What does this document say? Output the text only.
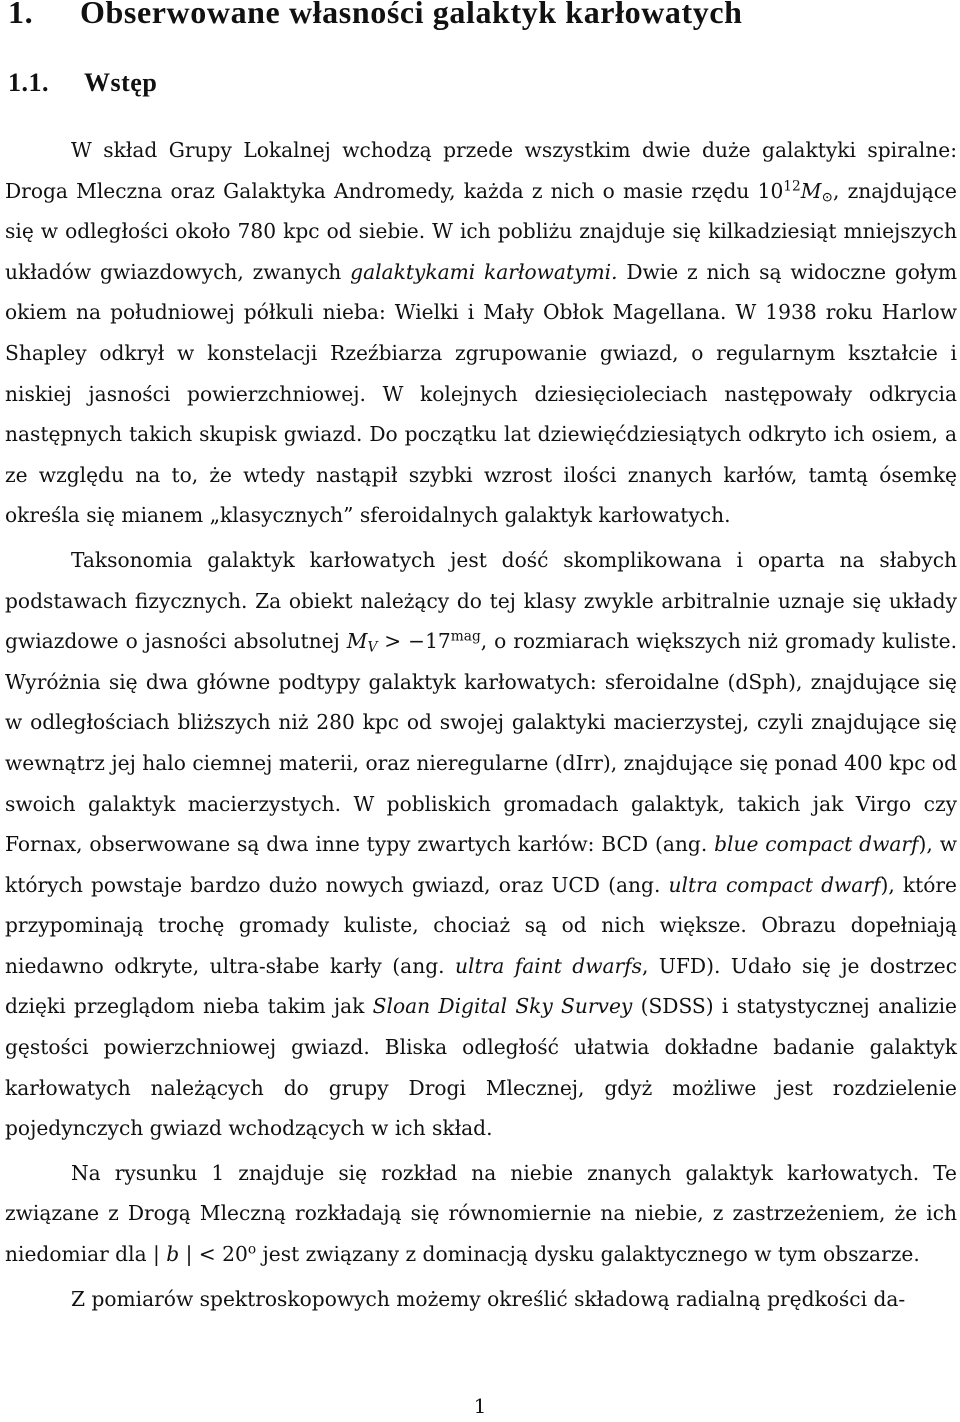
1. Obserwowane własności galaktyk karłowatych
1.1. Wstęp

W skład Grupy Lokalnej wchodzą przede wszystkim dwie duże galaktyki spiralne: Droga Mleczna oraz Galaktyka Andromedy, każda z nich o masie rzędu $10^{12}M_⊙$, znajdujące się w odległości około 780 kpc od siebie. W ich pobliżu znajduje się kilkadziesiąt mniejszych układów gwiazdowych, zwanych galaktykami karłowatymi. Dwie z nich są widoczne gołym okiem na południowej półkuli nieba: Wielki i Mały Obłok Magellana. W 1938 roku Harlow Shapley odkrył w konstelacji Rzeźbiarza zgrupowanie gwiazd, o regularnym kształcie i niskiej jasności powierzchniowej. W kolejnych dziesięcioleciach następowały odkrycia następnych takich skupisk gwiazd. Do początku lat dziewięćdziesiątych odkryto ich osiem, a ze względu na to, że wtedy nastąpił szybki wzrost ilości znanych karłów, tamtą ósemkę określa się mianem „klasycznych” sferoidalnych galaktyk karłowatych.

Taksonomia galaktyk karłowatych jest dość skomplikowana i oparta na słabych podstawach fizycznych. Za obiekt należący do tej klasy zwykle arbitralnie uznaje się układy gwiazdowe o jasności absolutnej $M_V > -17^{mag}$, o rozmiarach większych niż gromady kuliste. Wyróżnia się dwa główne podtypy galaktyk karłowatych: sferoidalne (dSph), znajdujące się w odległościach bliższych niż 280 kpc od swojej galaktyki macierzystej, czyli znajdujące się wewnątrz jej halo ciemnej materii, oraz nieregularne (dIrr), znajdujące się ponad 400 kpc od swoich galaktyk macierzystych. W pobliskich gromadach galaktyk, takich jak Virgo czy Fornax, obserwowane są dwa inne typy zwartych karłów: BCD (ang. blue compact dwarf), w których powstaje bardzo dużo nowych gwiazd, oraz UCD (ang. ultra compact dwarf), które przypominają trochę gromady kuliste, chociaż są od nich większe. Obrazu dopełniają niedawno odkryte, ultra-słabe karły (ang. ultra faint dwarfs, UFD). Udało się je dostrzec dzięki przeglądom nieba takim jak Sloan Digital Sky Survey (SDSS) i statystycznej analizie gęstości powierzchniowej gwiazd. Bliska odległość ułatwia dokładne badanie galaktyk karłowatych należących do grupy Drogi Mlecznej, gdyż możliwe jest rozdzielenie pojedynczych gwiazd wchodzących w ich skład.

Na rysunku 1 znajduje się rozkład na niebie znanych galaktyk karłowatych. Te związane z Drogą Mleczną rozkładają się równomiernie na niebie, z zastrzeżeniem, że ich niedomiar dla | b | < $20^o$ jest związany z dominacją dysku galaktycznego w tym obszarze.

Z pomiarów spektroskopowych możemy określić składową radialną prędkości da-

1
